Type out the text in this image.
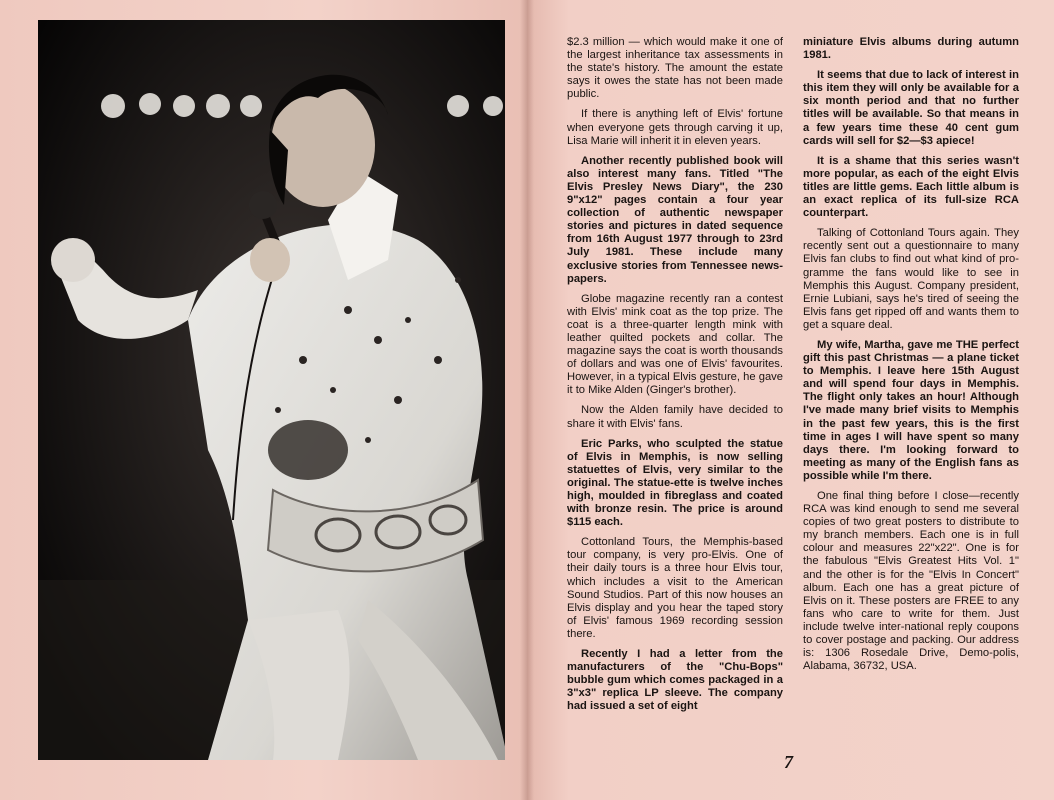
$2.3 million — which would make it one of the largest inheritance tax assessments in the state's history. The amount the estate says it owes the state has not been made public.

If there is anything left of Elvis' fortune when everyone gets through carving it up, Lisa Marie will inherit it in eleven years.

Another recently published book will also interest many fans. Titled "The Elvis Presley News Diary", the 230 9"x12" pages contain a four year collection of authentic newspaper stories and pictures in dated sequence from 16th August 1977 through to 23rd July 1981. These include many exclusive stories from Tennessee news-papers.

Globe magazine recently ran a contest with Elvis' mink coat as the top prize. The coat is a three-quarter length mink with leather quilted pockets and collar. The magazine says the coat is worth thousands of dollars and was one of Elvis' favourites. However, in a typical Elvis gesture, he gave it to Mike Alden (Ginger's brother).

Now the Alden family have decided to share it with Elvis' fans.

Eric Parks, who sculpted the statue of Elvis in Memphis, is now selling statuettes of Elvis, very similar to the original. The statue-ette is twelve inches high, moulded in fibreglass and coated with bronze resin. The price is around $115 each.

Cottonland Tours, the Memphis-based tour company, is very pro-Elvis. One of their daily tours is a three hour Elvis tour, which includes a visit to the American Sound Studios. Part of this now houses an Elvis display and you hear the taped story of Elvis' famous 1969 recording session there.

Recently I had a letter from the manufacturers of the "Chu-Bops" bubble gum which comes packaged in a 3"x3" replica LP sleeve. The company had issued a set of eight

miniature Elvis albums during autumn 1981.

It seems that due to lack of interest in this item they will only be available for a six month period and that no further titles will be available. So that means in a few years time these 40 cent gum cards will sell for $2—$3 apiece!

It is a shame that this series wasn't more popular, as each of the eight Elvis titles are little gems. Each little album is an exact replica of its full-size RCA counterpart.

Talking of Cottonland Tours again. They recently sent out a questionnaire to many Elvis fan clubs to find out what kind of pro-gramme the fans would like to see in Memphis this August. Company president, Ernie Lubiani, says he's tired of seeing the Elvis fans get ripped off and wants them to get a square deal.

My wife, Martha, gave me THE perfect gift this past Christmas — a plane ticket to Memphis. I leave here 15th August and will spend four days in Memphis. The flight only takes an hour! Although I've made many brief visits to Memphis in the past few years, this is the first time in ages I will have spent so many days there. I'm looking forward to meeting as many of the English fans as possible while I'm there.

One final thing before I close—recently RCA was kind enough to send me several copies of two great posters to distribute to my branch members. Each one is in full colour and measures 22"x22". One is for the fabulous "Elvis Greatest Hits Vol. 1" and the other is for the "Elvis In Concert" album. Each one has a great picture of Elvis on it. These posters are FREE to any fans who care to write for them. Just include twelve inter-national reply coupons to cover postage and packing. Our address is: 1306 Rosedale Drive, Demo-polis, Alabama, 36732, USA.

7
